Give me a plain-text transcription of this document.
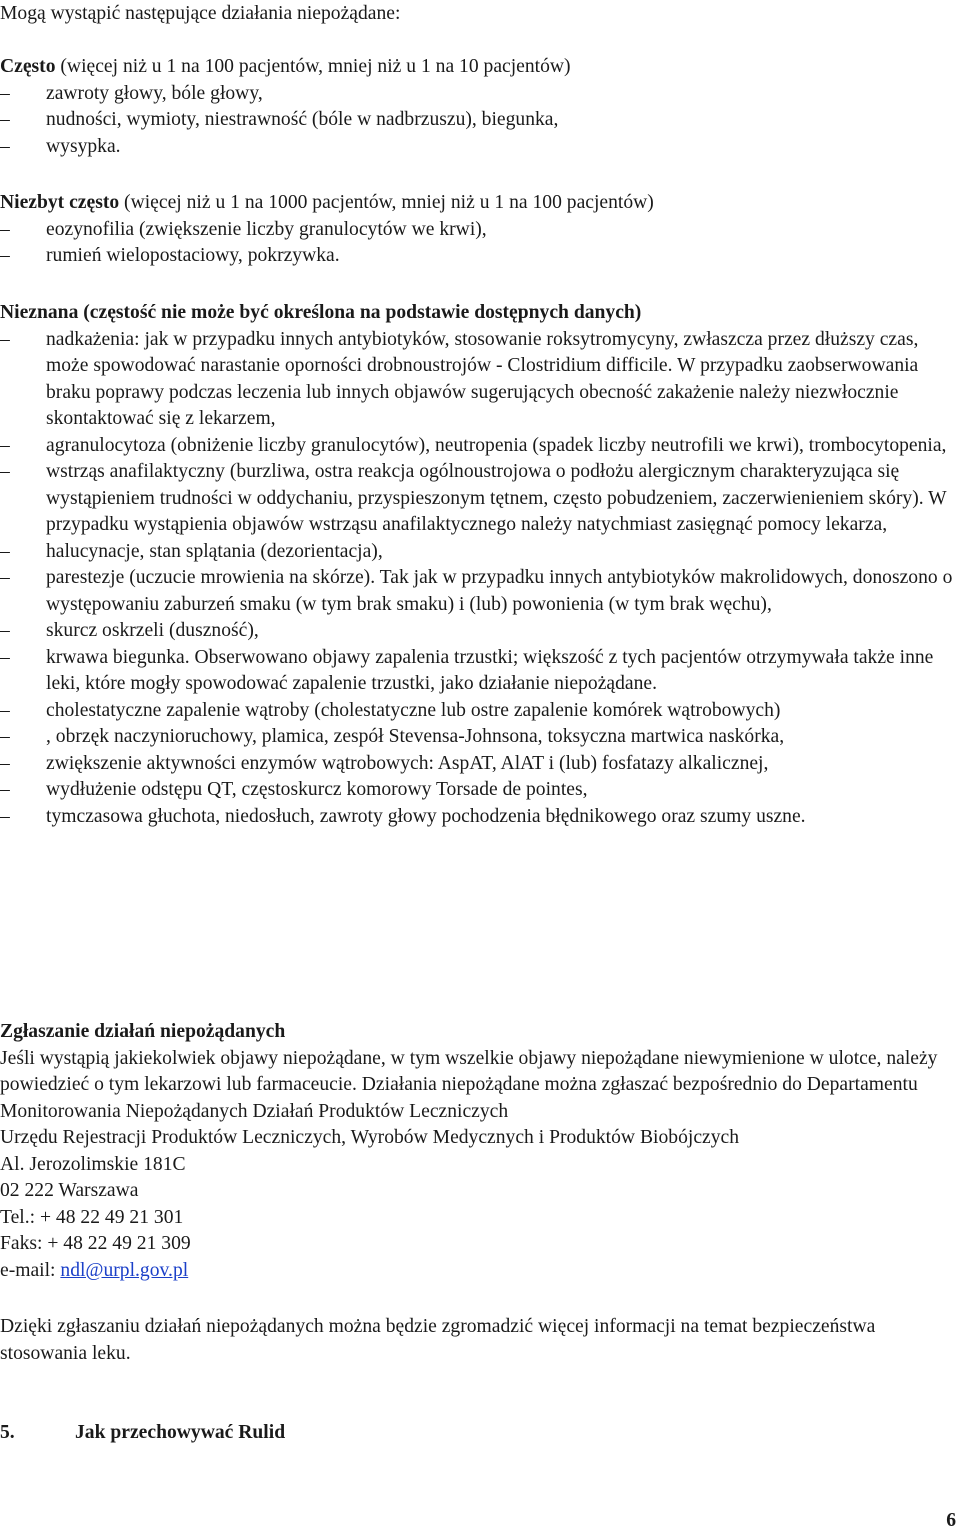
Mogą wystąpić następujące działania niepożądane:

Często (więcej niż u 1 na 100 pacjentów, mniej niż u 1 na 10 pacjentów)

– zawroty głowy, bóle głowy,
– nudności, wymioty, niestrawność (bóle w nadbrzuszu), biegunka,
– wysypka.

Niezbyt często (więcej niż u 1 na 1000 pacjentów, mniej niż u 1 na 100 pacjentów)

– eozynofilia (zwiększenie liczby granulocytów we krwi),
– rumień wielopostaciowy, pokrzywka.

Nieznana (częstość nie może być określona na podstawie dostępnych danych)

– nadkażenia: jak w przypadku innych antybiotyków, stosowanie roksytromycyny, zwłaszcza przez dłuższy czas, może spowodować narastanie oporności drobnoustrojów - Clostridium difficile. W przypadku zaobserwowania braku poprawy podczas leczenia lub innych objawów sugerujących obecność zakażenie należy niezwłocznie skontaktować się z lekarzem,
– agranulocytoza (obniżenie liczby granulocytów), neutropenia (spadek liczby neutrofili we krwi), trombocytopenia,
– wstrząs anafilaktyczny (burzliwa, ostra reakcja ogólnoustrojowa o podłożu alergicznym charakteryzująca się wystąpieniem trudności w oddychaniu, przyspieszonym tętnem, często pobudzeniem, zaczerwienieniem skóry). W przypadku wystąpienia objawów wstrząsu anafilaktycznego należy natychmiast zasięgnąć pomocy lekarza,
– halucynacje, stan splątania (dezorientacja),
– parestezje (uczucie mrowienia na skórze). Tak jak w przypadku innych antybiotyków makrolidowych, donoszono o występowaniu zaburzeń smaku (w tym brak smaku) i (lub) powonienia (w tym brak węchu),
– skurcz oskrzeli (duszność),
– krwawa biegunka. Obserwowano objawy zapalenia trzustki; większość z tych pacjentów otrzymywała także inne leki, które mogły spowodować zapalenie trzustki, jako działanie niepożądane.
– cholestatyczne zapalenie wątroby (cholestatyczne lub ostre zapalenie komórek wątrobowych)
– , obrzęk naczynioruchowy, plamica, zespół Stevensa-Johnsona, toksyczna martwica naskórka,
– zwiększenie aktywności enzymów wątrobowych: AspAT, AlAT i (lub) fosfatazy alkalicznej,
– wydłużenie odstępu QT, częstoskurcz komorowy Torsade de pointes,
– tymczasowa głuchota, niedosłuch, zawroty głowy pochodzenia błędnikowego oraz szumy uszne.

Zgłaszanie działań niepożądanych

Jeśli wystąpią jakiekolwiek objawy niepożądane, w tym wszelkie objawy niepożądane niewymienione w ulotce, należy powiedzieć o tym lekarzowi lub farmaceucie. Działania niepożądane można zgłaszać bezpośrednio do Departamentu Monitorowania Niepożądanych Działań Produktów Leczniczych

Urzędu Rejestracji Produktów Leczniczych, Wyrobów Medycznych i Produktów Biobójczych
Al. Jerozolimskie 181C
02 222 Warszawa
Tel.: + 48 22 49 21 301
Faks: + 48 22 49 21 309
e-mail: ndl@urpl.gov.pl

Dzięki zgłaszaniu działań niepożądanych można będzie zgromadzić więcej informacji na temat bezpieczeństwa stosowania leku.

5.	Jak przechowywać Rulid
6
